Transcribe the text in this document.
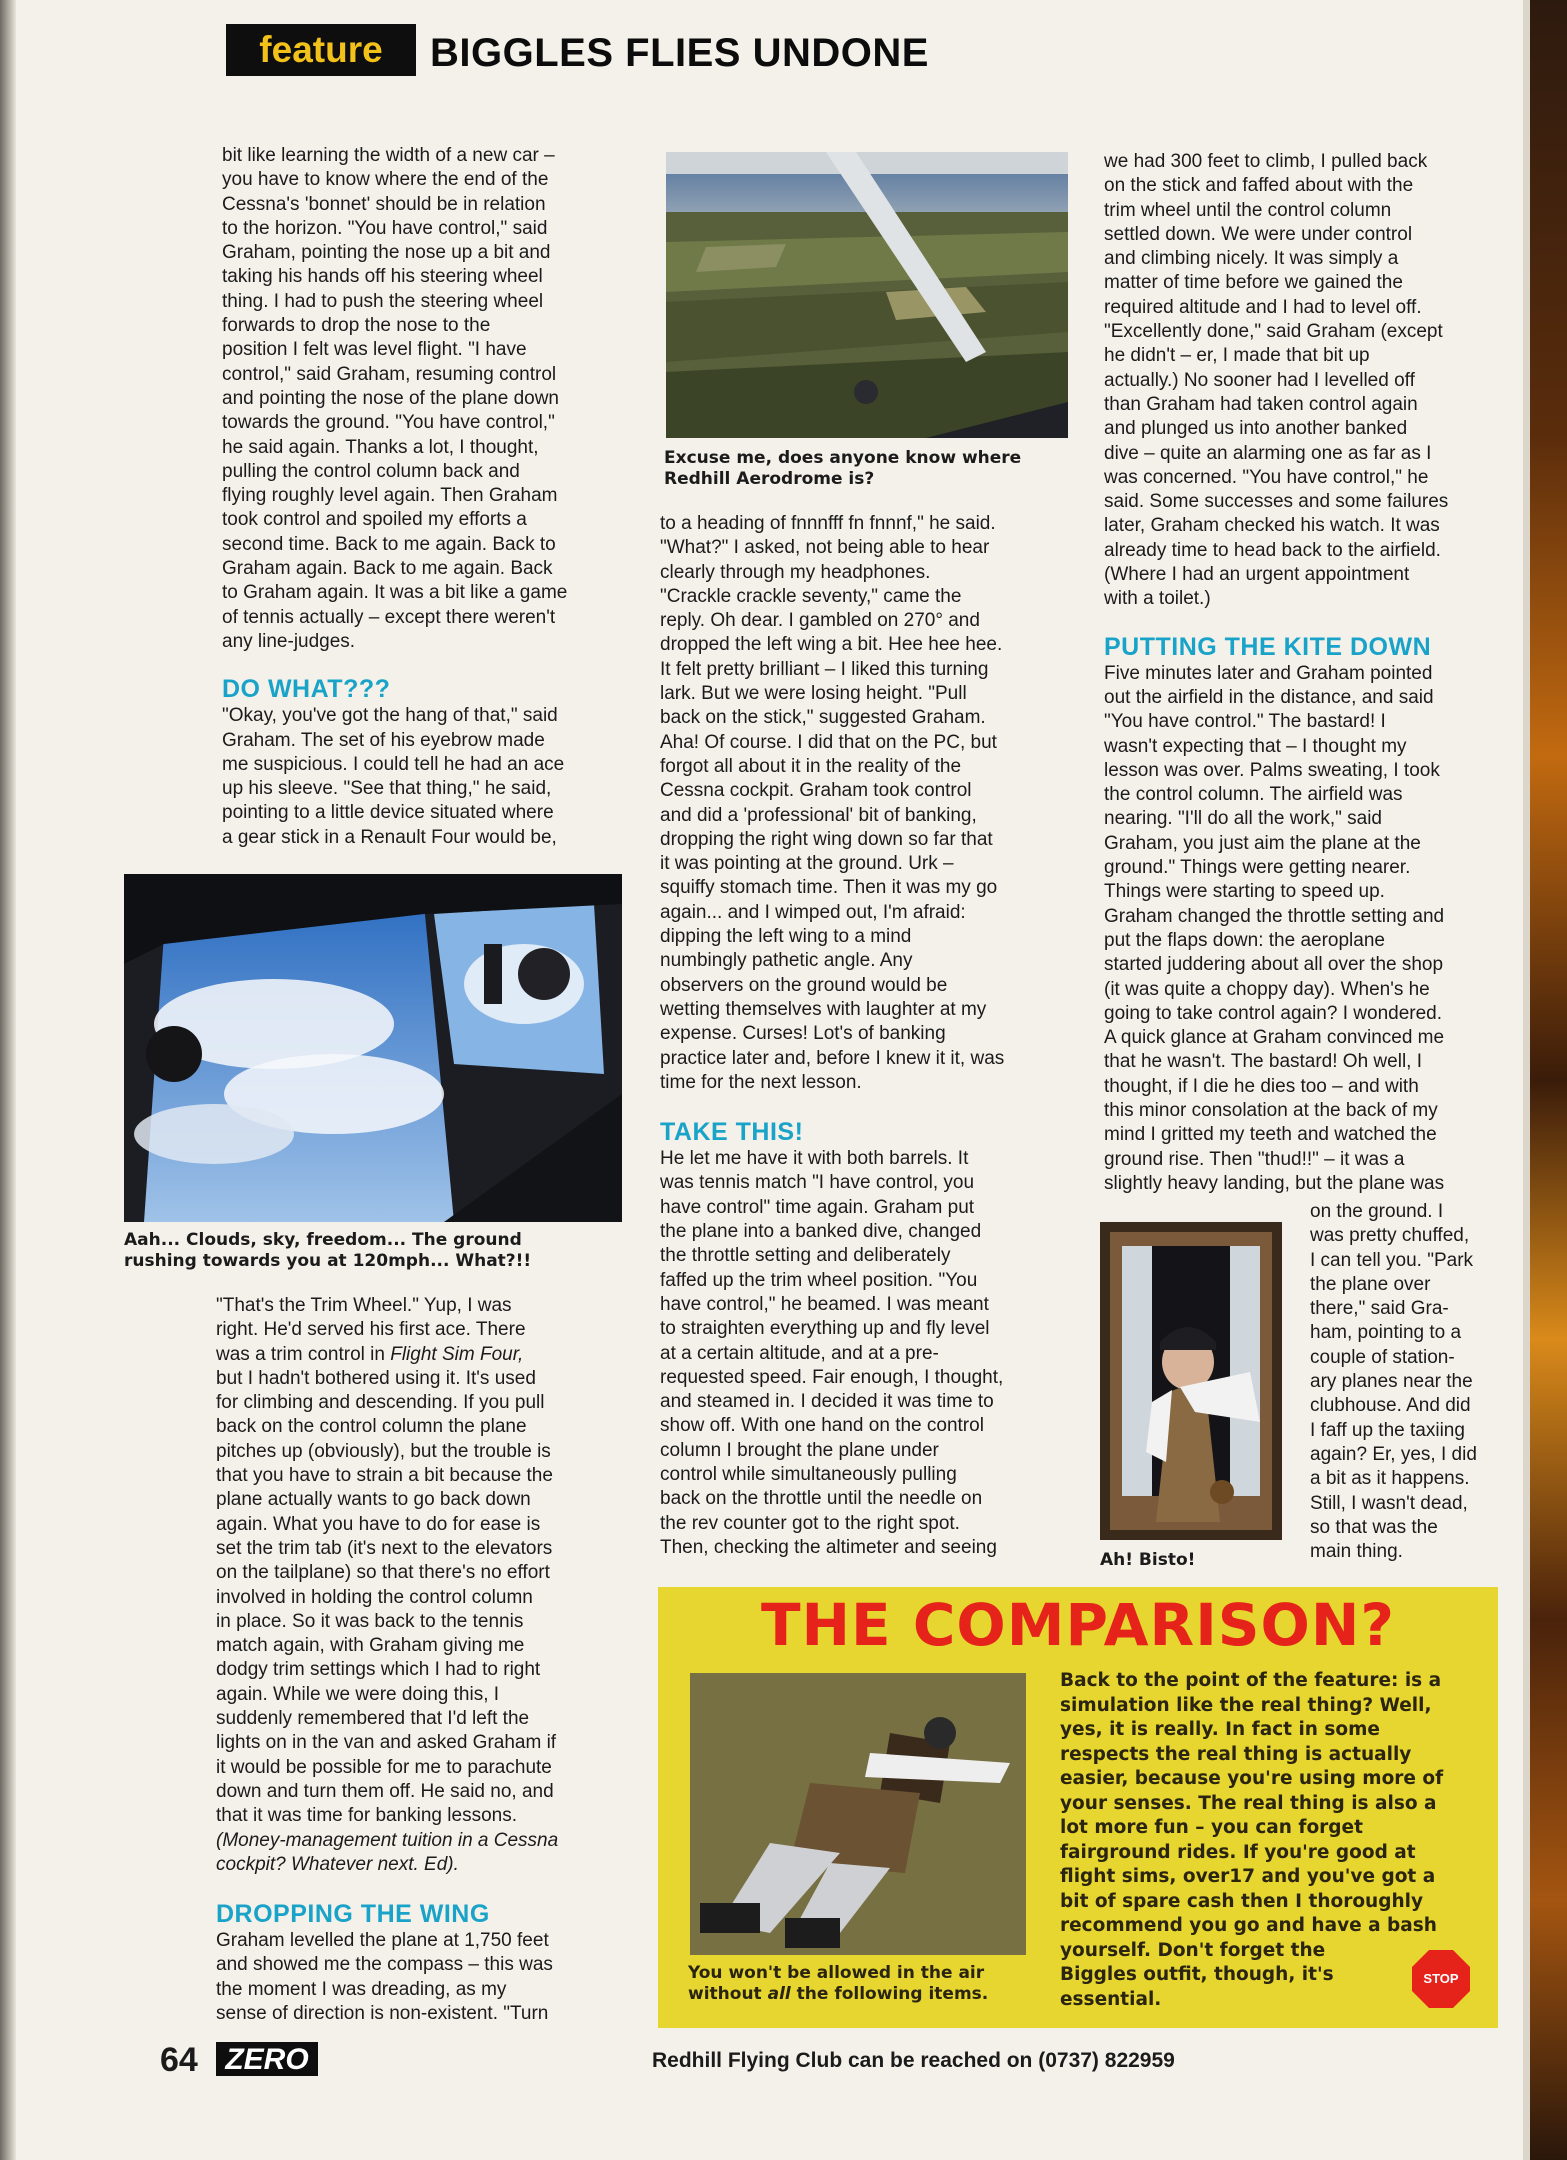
feature	BIGGLES FLIES UNDONE

bit like learning the width of a new car –
you have to know where the end of the
Cessna's 'bonnet' should be in relation
to the horizon. "You have control," said
Graham, pointing the nose up a bit and
taking his hands off his steering wheel
thing. I had to push the steering wheel
forwards to drop the nose to the
position I felt was level flight. "I have
control," said Graham, resuming control
and pointing the nose of the plane down
towards the ground. "You have control,"
he said again. Thanks a lot, I thought,
pulling the control column back and
flying roughly level again. Then Graham
took control and spoiled my efforts a
second time. Back to me again. Back to
Graham again. Back to me again. Back
to Graham again. It was a bit like a game
of tennis actually – except there weren't
any line-judges.

DO WHAT???

"Okay, you've got the hang of that," said
Graham. The set of his eyebrow made
me suspicious. I could tell he had an ace
up his sleeve. "See that thing," he said,
pointing to a little device situated where
a gear stick in a Renault Four would be,

Aah... Clouds, sky, freedom... The ground
rushing towards you at 120mph... What?!!

"That's the Trim Wheel." Yup, I was
right. He'd served his first ace. There
was a trim control in Flight Sim Four,
but I hadn't bothered using it. It's used
for climbing and descending. If you pull
back on the control column the plane
pitches up (obviously), but the trouble is
that you have to strain a bit because the
plane actually wants to go back down
again. What you have to do for ease is
set the trim tab (it's next to the elevators
on the tailplane) so that there's no effort
involved in holding the control column
in place. So it was back to the tennis
match again, with Graham giving me
dodgy trim settings which I had to right
again. While we were doing this, I
suddenly remembered that I'd left the
lights on in the van and asked Graham if
it would be possible for me to parachute
down and turn them off. He said no, and
that it was time for banking lessons.
(Money-management tuition in a Cessna
cockpit? Whatever next. Ed).

DROPPING THE WING

Graham levelled the plane at 1,750 feet
and showed me the compass – this was
the moment I was dreading, as my
sense of direction is non-existent. "Turn

Excuse me, does anyone know where
Redhill Aerodrome is?

to a heading of fnnnfff fn fnnnf," he said.
"What?" I asked, not being able to hear
clearly through my headphones.
"Crackle crackle seventy," came the
reply. Oh dear. I gambled on 270° and
dropped the left wing a bit. Hee hee hee.
It felt pretty brilliant – I liked this turning
lark. But we were losing height. "Pull
back on the stick," suggested Graham.
Aha! Of course. I did that on the PC, but
forgot all about it in the reality of the
Cessna cockpit. Graham took control
and did a 'professional' bit of banking,
dropping the right wing down so far that
it was pointing at the ground. Urk –
squiffy stomach time. Then it was my go
again... and I wimped out, I'm afraid:
dipping the left wing to a mind
numbingly pathetic angle. Any
observers on the ground would be
wetting themselves with laughter at my
expense. Curses! Lot's of banking
practice later and, before I knew it it, was
time for the next lesson.

TAKE THIS!

He let me have it with both barrels. It
was tennis match "I have control, you
have control" time again. Graham put
the plane into a banked dive, changed
the throttle setting and deliberately
faffed up the trim wheel position. "You
have control," he beamed. I was meant
to straighten everything up and fly level
at a certain altitude, and at a pre-
requested speed. Fair enough, I thought,
and steamed in. I decided it was time to
show off. With one hand on the control
column I brought the plane under
control while simultaneously pulling
back on the throttle until the needle on
the rev counter got to the right spot.
Then, checking the altimeter and seeing

we had 300 feet to climb, I pulled back
on the stick and faffed about with the
trim wheel until the control column
settled down. We were under control
and climbing nicely. It was simply a
matter of time before we gained the
required altitude and I had to level off.
"Excellently done," said Graham (except
he didn't – er, I made that bit up
actually.) No sooner had I levelled off
than Graham had taken control again
and plunged us into another banked
dive – quite an alarming one as far as I
was concerned. "You have control," he
said. Some successes and some failures
later, Graham checked his watch. It was
already time to head back to the airfield.
(Where I had an urgent appointment
with a toilet.)

PUTTING THE KITE DOWN

Five minutes later and Graham pointed
out the airfield in the distance, and said
"You have control." The bastard! I
wasn't expecting that – I thought my
lesson was over. Palms sweating, I took
the control column. The airfield was
nearing. "I'll do all the work," said
Graham, you just aim the plane at the
ground." Things were getting nearer.
Things were starting to speed up.
Graham changed the throttle setting and
put the flaps down: the aeroplane
started juddering about all over the shop
(it was quite a choppy day). When's he
going to take control again? I wondered.
A quick glance at Graham convinced me
that he wasn't. The bastard! Oh well, I
thought, if I die he dies too – and with
this minor consolation at the back of my
mind I gritted my teeth and watched the
ground rise. Then "thud!!" – it was a
slightly heavy landing, but the plane was

Ah! Bisto!

on the ground. I
was pretty chuffed,
I can tell you. "Park
the plane over
there," said Gra-
ham, pointing to a
couple of station-
ary planes near the
clubhouse. And did
I faff up the taxiing
again? Er, yes, I did
a bit as it happens.
Still, I wasn't dead,
so that was the
main thing.

THE COMPARISON?
You won't be allowed in the air
without all the following items.
Back to the point of the feature: is a
simulation like the real thing? Well,
yes, it is really. In fact in some
respects the real thing is actually
easier, because you're using more of
your senses. The real thing is also a
lot more fun – you can forget
fairground rides. If you're good at
flight sims, over17 and you've got a
bit of spare cash then I thoroughly
recommend you go and have a bash
yourself. Don't forget the
Biggles outfit, though, it's
essential.
STOP
64 ZERO	Redhill Flying Club can be reached on (0737) 822959
